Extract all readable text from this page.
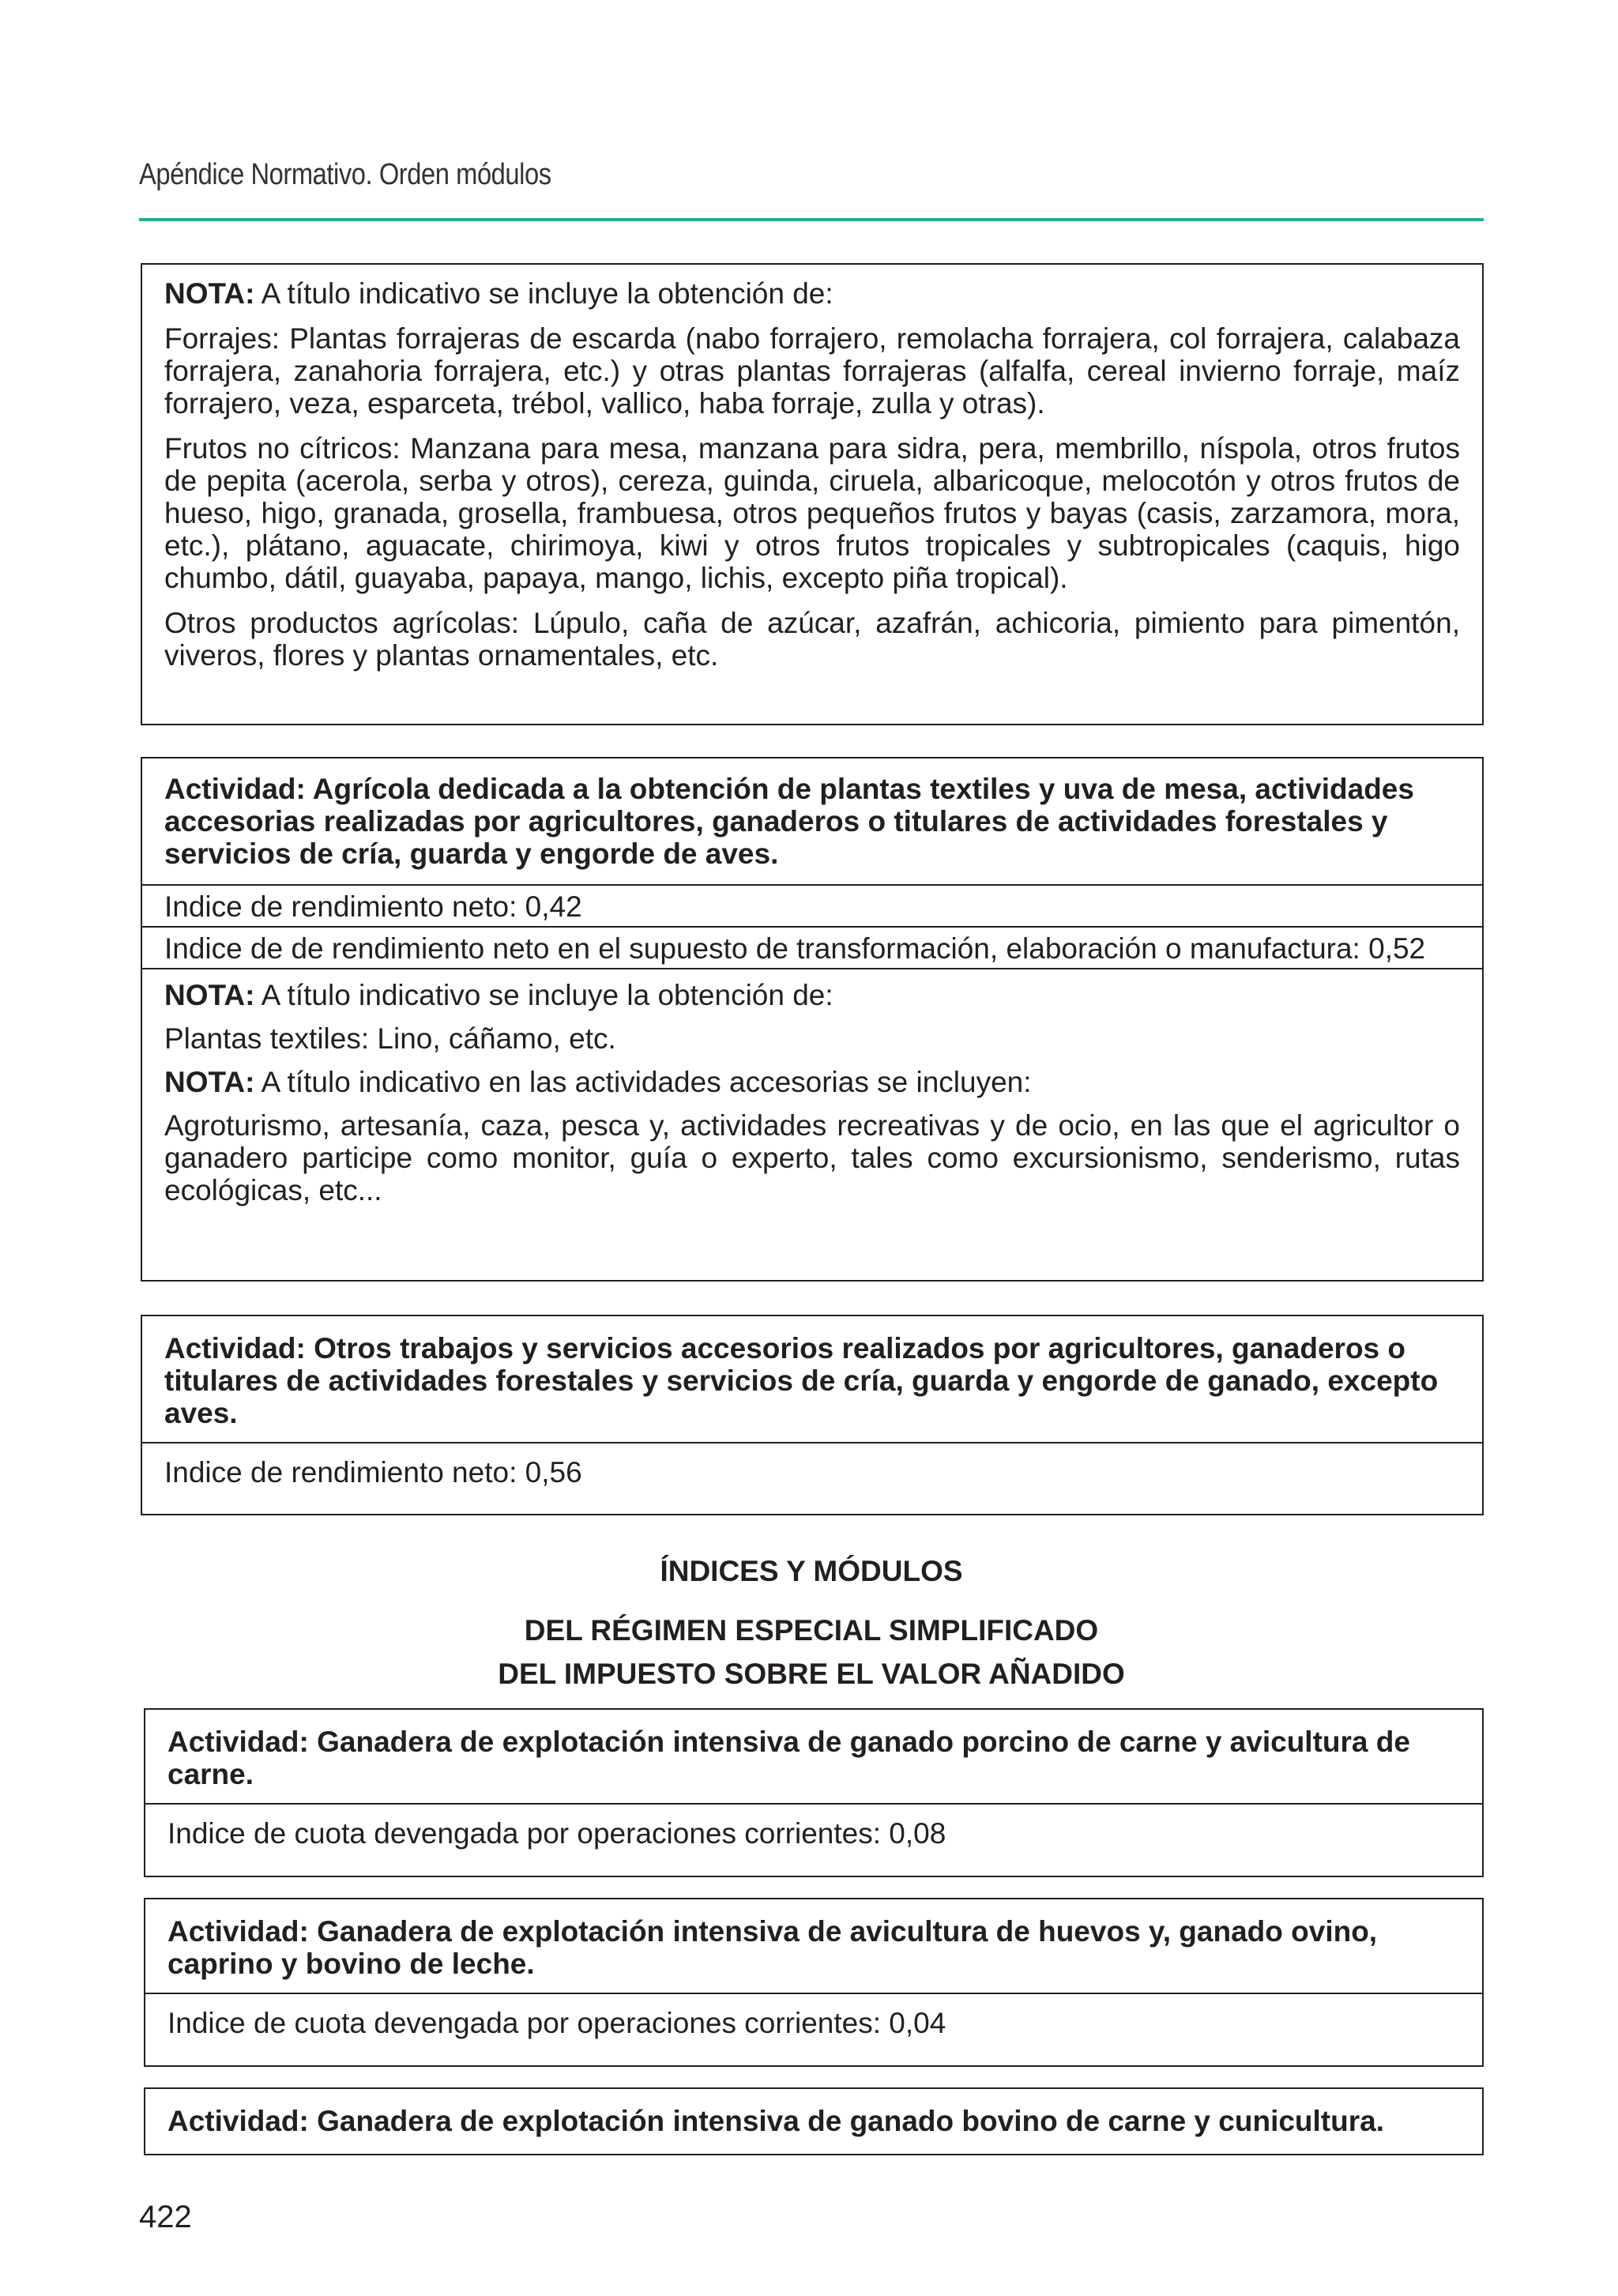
Apéndice Normativo. Orden módulos

NOTA: A título indicativo se incluye la obtención de:

Forrajes: Plantas forrajeras de escarda (nabo forrajero, remolacha forrajera, col forrajera, calabaza forrajera, zanahoria forrajera, etc.) y otras plantas forrajeras (alfalfa, cereal invierno forraje, maíz forrajero, veza, esparceta, trébol, vallico, haba forraje, zulla y otras).

Frutos no cítricos: Manzana para mesa, manzana para sidra, pera, membrillo, níspola, otros frutos de pepita (acerola, serba y otros), cereza, guinda, ciruela, albaricoque, melocotón y otros frutos de hueso, higo, granada, grosella, frambuesa, otros pequeños frutos y bayas (casis, zarzamora, mora, etc.), plátano, aguacate, chirimoya, kiwi y otros frutos tropicales y subtropicales (caquis, higo chumbo, dátil, guayaba, papaya, mango, lichis, excepto piña tropical).

Otros productos agrícolas: Lúpulo, caña de azúcar, azafrán, achicoria, pimiento para pimentón, viveros, flores y plantas ornamentales, etc.

Actividad: Agrícola dedicada a la obtención de plantas textiles y uva de mesa, actividades accesorias realizadas por agricultores, ganaderos o titulares de actividades forestales y servicios de cría, guarda y engorde de aves.
Indice de rendimiento neto: 0,42
Indice de de rendimiento neto en el supuesto de transformación, elaboración o manufactura: 0,52

NOTA: A título indicativo se incluye la obtención de:

Plantas textiles: Lino, cáñamo, etc.

NOTA: A título indicativo en las actividades accesorias se incluyen:

Agroturismo, artesanía, caza, pesca y, actividades recreativas y de ocio, en las que el agricultor o ganadero participe como monitor, guía o experto, tales como excursionismo, senderismo, rutas ecológicas, etc...

Actividad: Otros trabajos y servicios accesorios realizados por agricultores, ganaderos o titulares de actividades forestales y servicios de cría, guarda y engorde de ganado, excepto aves.
Indice de rendimiento neto: 0,56
ÍNDICES Y MÓDULOS
DEL RÉGIMEN ESPECIAL SIMPLIFICADO
DEL IMPUESTO SOBRE EL VALOR AÑADIDO
Actividad: Ganadera de explotación intensiva de ganado porcino de carne y avicultura de carne.
Indice de cuota devengada por operaciones corrientes: 0,08
Actividad: Ganadera de explotación intensiva de avicultura de huevos y, ganado ovino, caprino y bovino de leche.
Indice de cuota devengada por operaciones corrientes: 0,04
Actividad: Ganadera de explotación intensiva de ganado bovino de carne y cunicultura.
422
